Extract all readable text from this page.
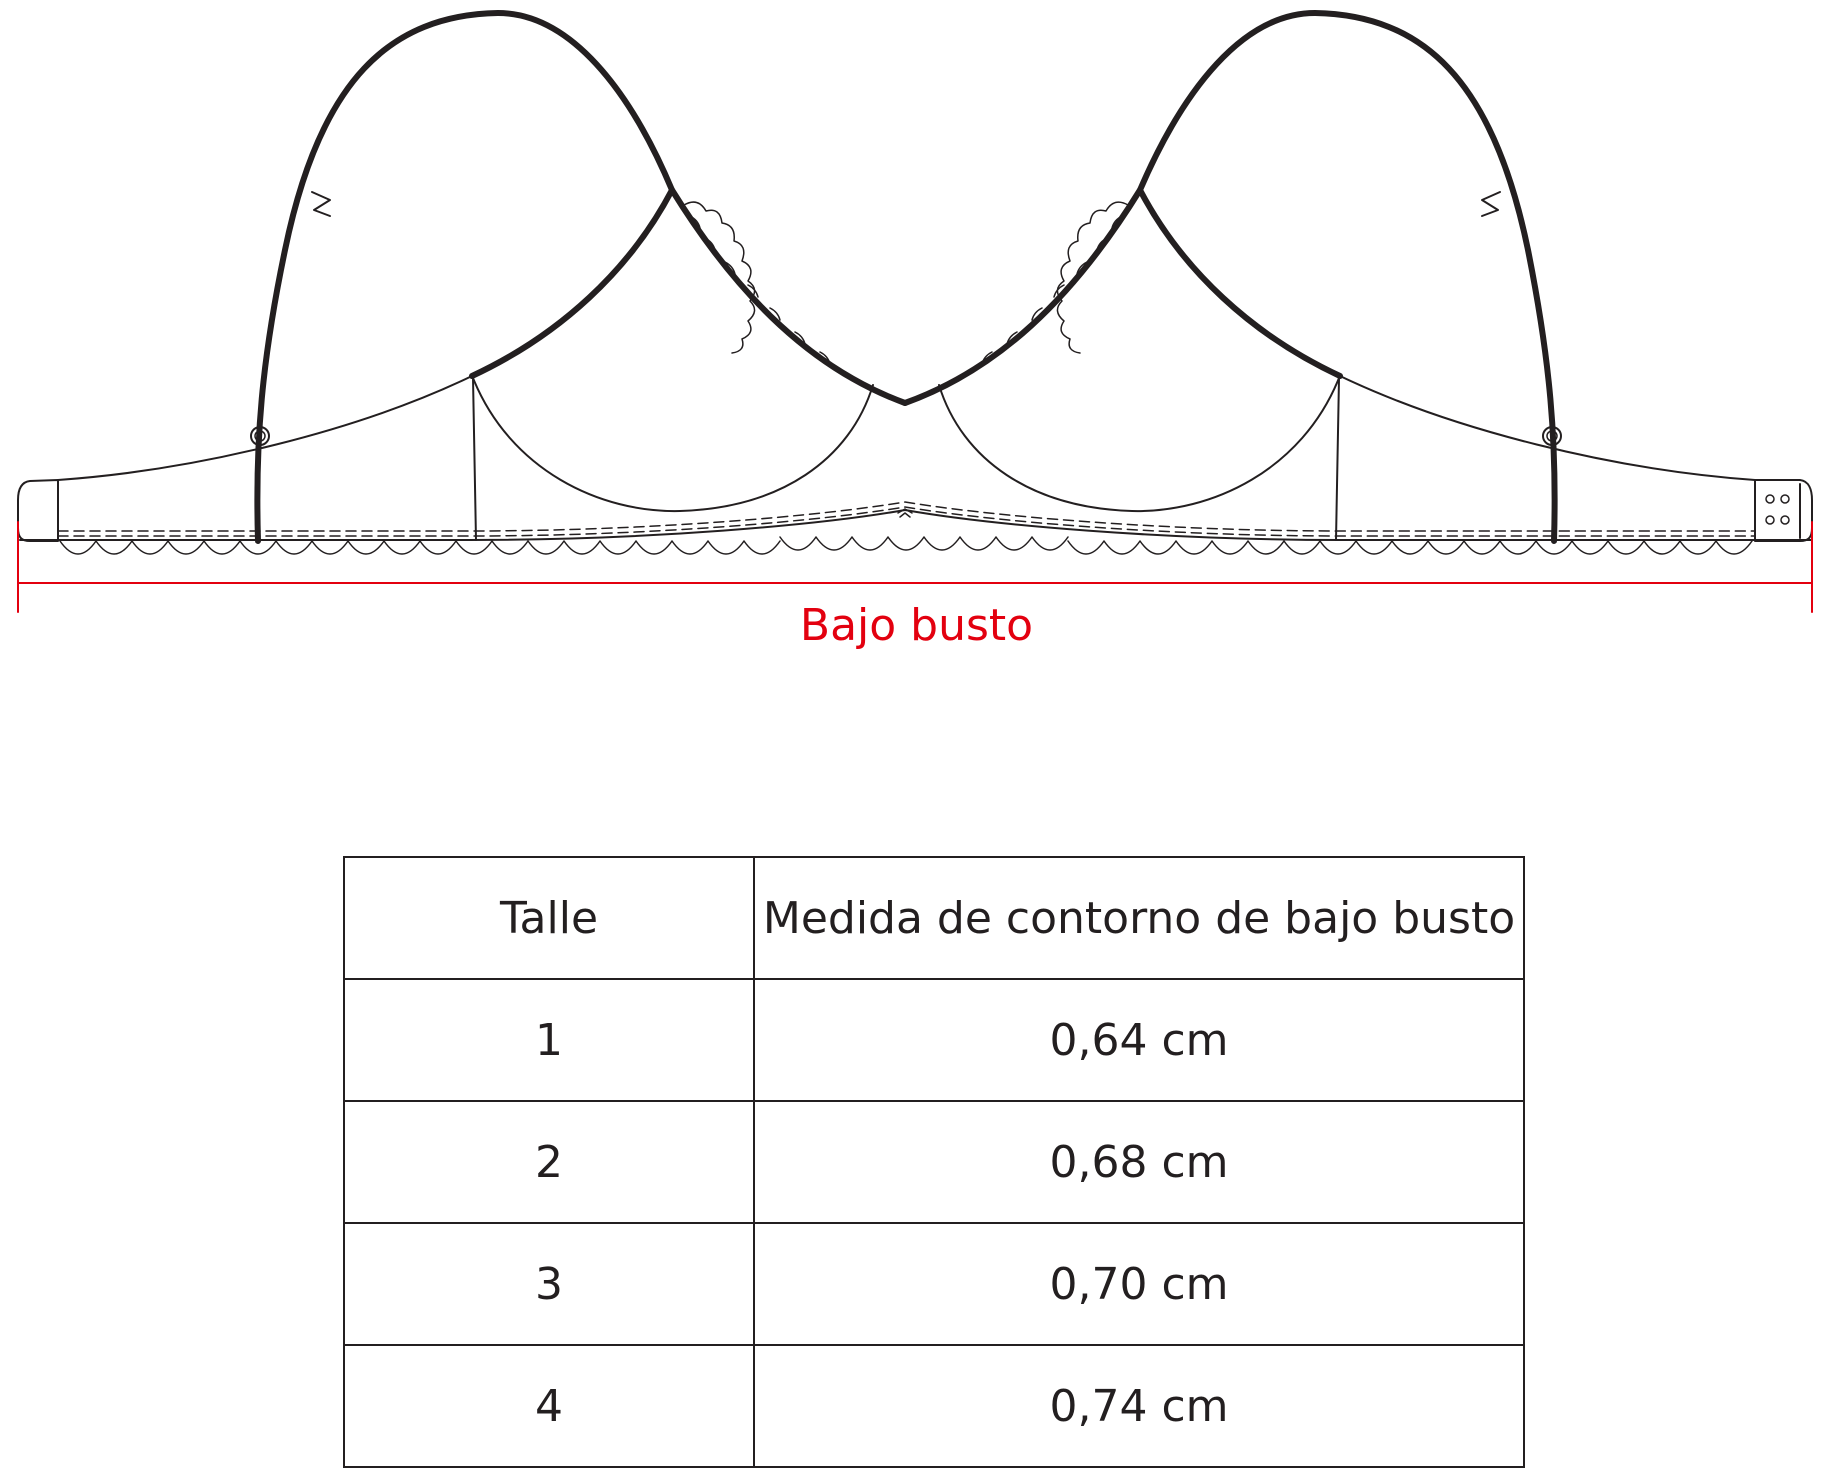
Bajo busto
Talle	Medida de contorno de bajo busto
1	0,64 cm
2	0,68 cm
3	0,70 cm
4	0,74 cm
